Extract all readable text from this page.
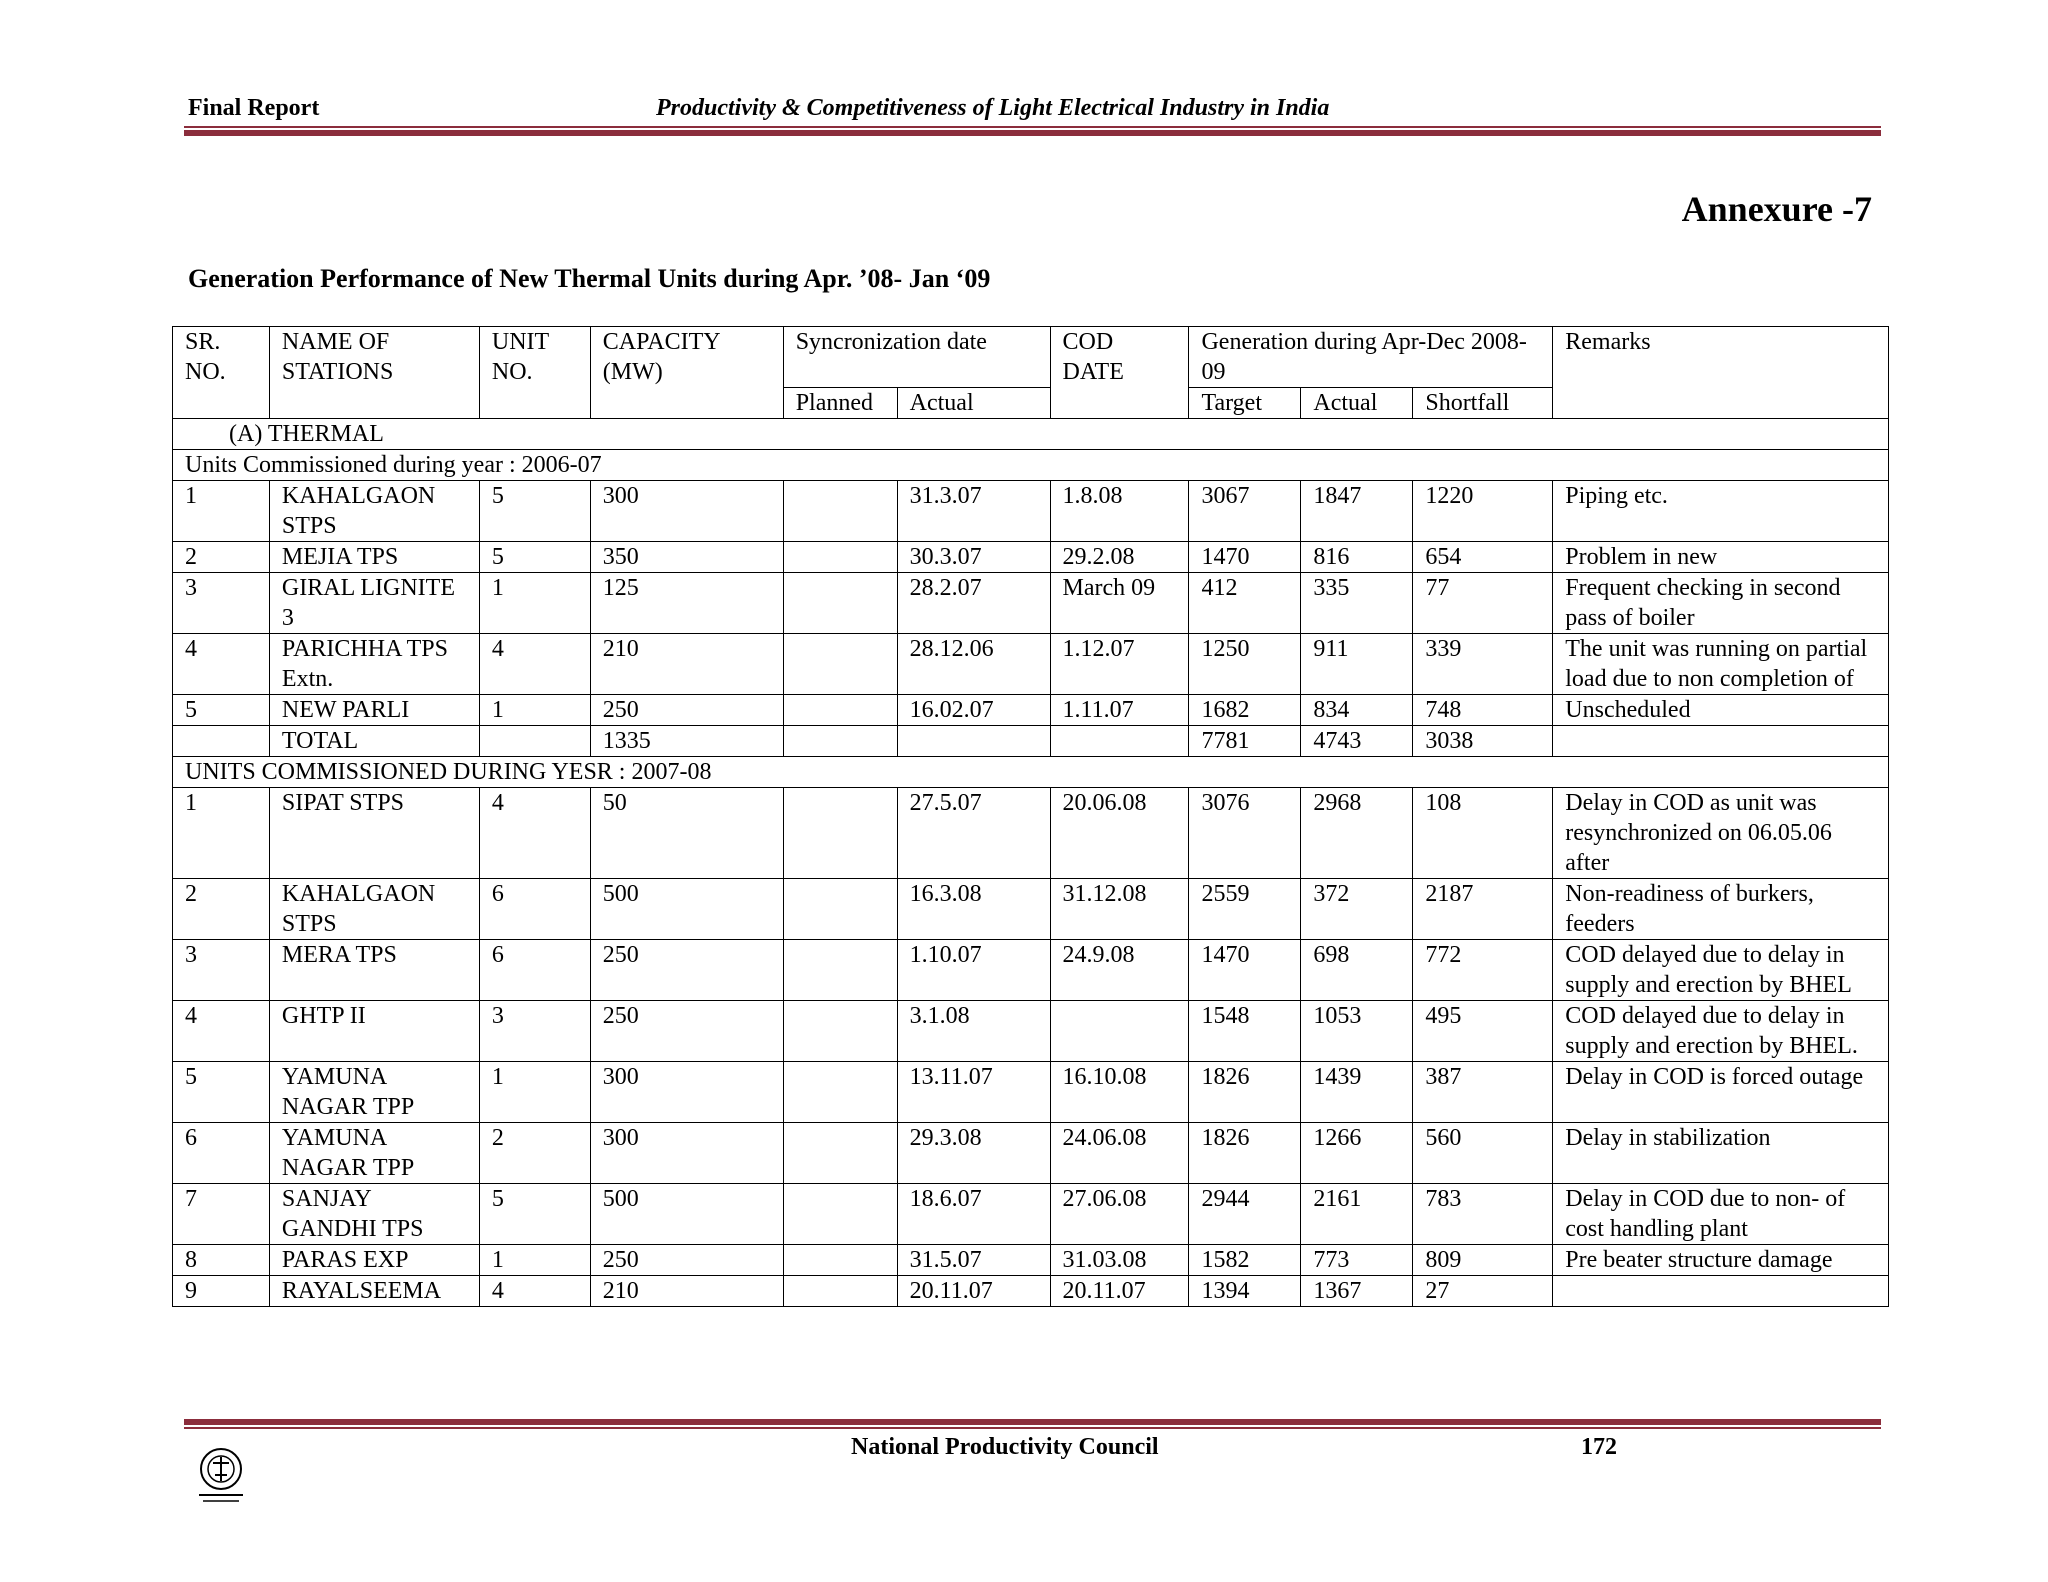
Final Report	Productivity & Competitiveness of Light Electrical Industry in India
Annexure -7
Generation Performance of New Thermal Units during Apr. ’08- Jan ‘09
SR. NO.	NAME OF STATIONS	UNIT NO.	CAPACITY (MW)	Syncronization date		COD DATE	Generation during Apr-Dec 2008-09			Remarks
				Planned	Actual		Target	Actual	Shortfall	
(A) THERMAL										
Units Commissioned during year : 2006-07										
1	KAHALGAON STPS	5	300		31.3.07	1.8.08	3067	1847	1220	Piping etc.
2	MEJIA TPS	5	350		30.3.07	29.2.08	1470	816	654	Problem in new
3	GIRAL LIGNITE 3	1	125		28.2.07	March 09	412	335	77	Frequent checking in second pass of boiler
4	PARICHHA TPS Extn.	4	210		28.12.06	1.12.07	1250	911	339	The unit was running on partial load due to non completion of
5	NEW PARLI	1	250		16.02.07	1.11.07	1682	834	748	Unscheduled
	TOTAL		1335				7781	4743	3038	
UNITS COMMISSIONED DURING YESR : 2007-08										
1	SIPAT STPS	4	50		27.5.07	20.06.08	3076	2968	108	Delay in COD as unit was resynchronized on 06.05.06 after
2	KAHALGAON STPS	6	500		16.3.08	31.12.08	2559	372	2187	Non-readiness of burkers, feeders
3	MERA TPS	6	250		1.10.07	24.9.08	1470	698	772	COD delayed due to delay in supply and erection by BHEL
4	GHTP II	3	250		3.1.08		1548	1053	495	COD delayed due to delay in supply and erection by BHEL.
5	YAMUNA NAGAR TPP	1	300		13.11.07	16.10.08	1826	1439	387	Delay in COD is forced outage
6	YAMUNA NAGAR TPP	2	300		29.3.08	24.06.08	1826	1266	560	Delay in stabilization
7	SANJAY GANDHI TPS	5	500		18.6.07	27.06.08	2944	2161	783	Delay in COD due to non- of cost handling plant
8	PARAS EXP	1	250		31.5.07	31.03.08	1582	773	809	Pre beater structure damage
9	RAYALSEEMA	4	210		20.11.07	20.11.07	1394	1367	27	
National Productivity Council	172
